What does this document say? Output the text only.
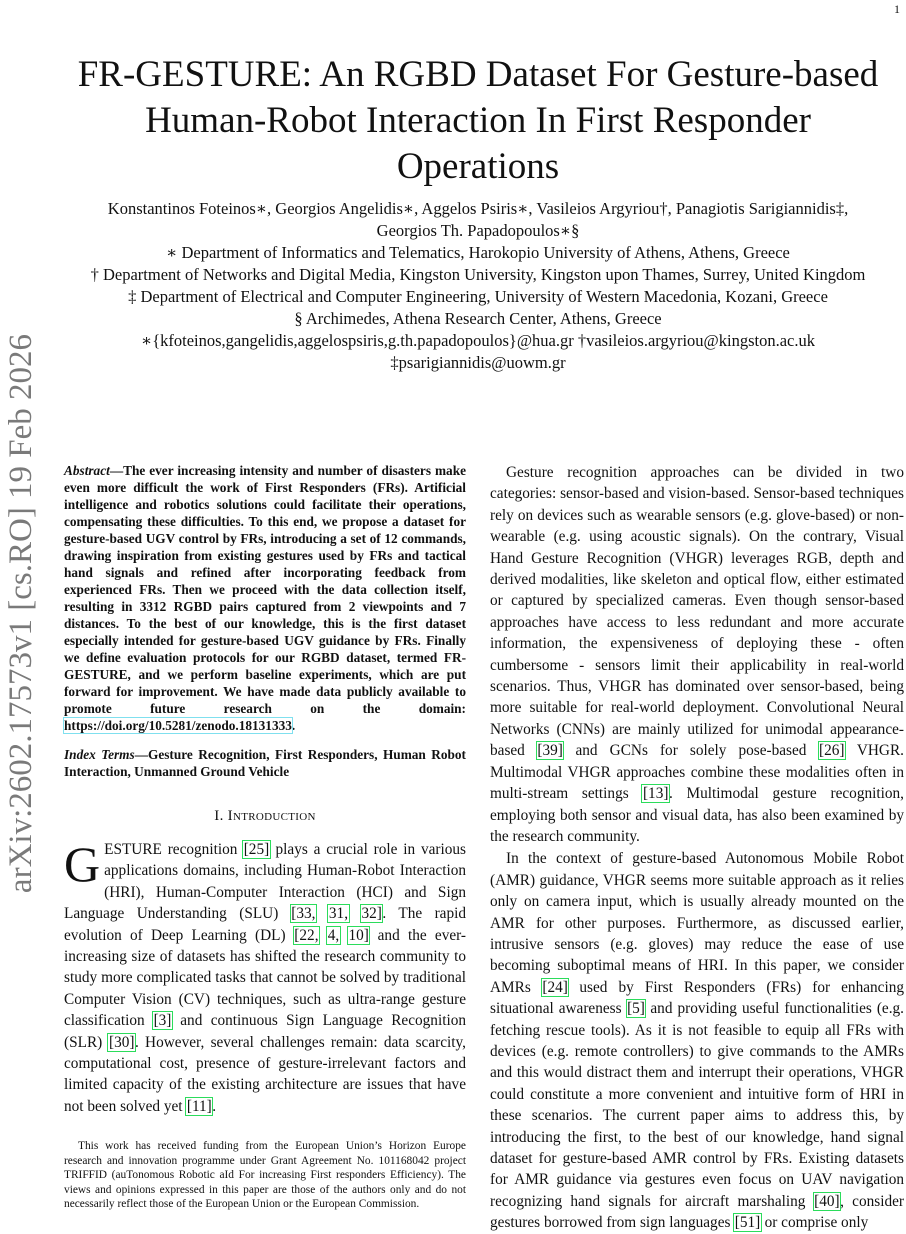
1
arXiv:2602.17573v1 [cs.RO] 19 Feb 2026
FR-GESTURE: An RGBD Dataset For Gesture-based Human-Robot Interaction In First Responder Operations

Konstantinos Foteinos∗, Georgios Angelidis∗, Aggelos Psiris∗, Vasileios Argyriou†, Panagiotis Sarigiannidis‡,

Georgios Th. Papadopoulos∗§

∗ Department of Informatics and Telematics, Harokopio University of Athens, Athens, Greece

† Department of Networks and Digital Media, Kingston University, Kingston upon Thames, Surrey, United Kingdom

‡ Department of Electrical and Computer Engineering, University of Western Macedonia, Kozani, Greece

§ Archimedes, Athena Research Center, Athens, Greece

∗{kfoteinos,gangelidis,aggelospsiris,g.th.papadopoulos}@hua.gr †vasileios.argyriou@kingston.ac.uk

‡psarigiannidis@uowm.gr

Abstract—The ever increasing intensity and number of disasters make even more difficult the work of First Responders (FRs). Artificial intelligence and robotics solutions could facilitate their operations, compensating these difficulties. To this end, we propose a dataset for gesture-based UGV control by FRs, introducing a set of 12 commands, drawing inspiration from existing gestures used by FRs and tactical hand signals and refined after incorporating feedback from experienced FRs. Then we proceed with the data collection itself, resulting in 3312 RGBD pairs captured from 2 viewpoints and 7 distances. To the best of our knowledge, this is the first dataset especially intended for gesture-based UGV guidance by FRs. Finally we define evaluation protocols for our RGBD dataset, termed FR-GESTURE, and we perform baseline experiments, which are put forward for improvement. We have made data publicly available to promote future research on the domain: https://doi.org/10.5281/zenodo.18131333.

Index Terms—Gesture Recognition, First Responders, Human Robot Interaction, Unmanned Ground Vehicle

I. Introduction

GESTURE recognition [25] plays a crucial role in various applications domains, including Human-Robot Interaction (HRI), Human-Computer Interaction (HCI) and Sign Language Understanding (SLU) [33, 31, 32]. The rapid evolution of Deep Learning (DL) [22, 4, 10] and the ever-increasing size of datasets has shifted the research community to study more complicated tasks that cannot be solved by traditional Computer Vision (CV) techniques, such as ultra-range gesture classification [3] and continuous Sign Language Recognition (SLR) [30]. However, several challenges remain: data scarcity, computational cost, presence of gesture-irrelevant factors and limited capacity of the existing architecture are issues that have not been solved yet [11].

This work has received funding from the European Union’s Horizon Europe research and innovation programme under Grant Agreement No. 101168042 project TRIFFID (auTonomous Robotic aId For increasing First responders Efficiency). The views and opinions expressed in this paper are those of the authors only and do not necessarily reflect those of the European Union or the European Commission.

Gesture recognition approaches can be divided in two categories: sensor-based and vision-based. Sensor-based techniques rely on devices such as wearable sensors (e.g. glove-based) or non-wearable (e.g. using acoustic signals). On the contrary, Visual Hand Gesture Recognition (VHGR) leverages RGB, depth and derived modalities, like skeleton and optical flow, either estimated or captured by specialized cameras. Even though sensor-based approaches have access to less redundant and more accurate information, the expensiveness of deploying these - often cumbersome - sensors limit their applicability in real-world scenarios. Thus, VHGR has dominated over sensor-based, being more suitable for real-world deployment. Convolutional Neural Networks (CNNs) are mainly utilized for unimodal appearance-based [39] and GCNs for solely pose-based [26] VHGR. Multimodal VHGR approaches combine these modalities often in multi-stream settings [13]. Multimodal gesture recognition, employing both sensor and visual data, has also been examined by the research community.

In the context of gesture-based Autonomous Mobile Robot (AMR) guidance, VHGR seems more suitable approach as it relies only on camera input, which is usually already mounted on the AMR for other purposes. Furthermore, as discussed earlier, intrusive sensors (e.g. gloves) may reduce the ease of use becoming suboptimal means of HRI. In this paper, we consider AMRs [24] used by First Responders (FRs) for enhancing situational awareness [5] and providing useful functionalities (e.g. fetching rescue tools). As it is not feasible to equip all FRs with devices (e.g. remote controllers) to give commands to the AMRs and this would distract them and interrupt their operations, VHGR could constitute a more convenient and intuitive form of HRI in these scenarios. The current paper aims to address this, by introducing the first, to the best of our knowledge, hand signal dataset for gesture-based AMR control by FRs. Existing datasets for AMR guidance via gestures even focus on UAV navigation recognizing hand signals for aircraft marshaling [40], consider gestures borrowed from sign languages [51] or comprise only
